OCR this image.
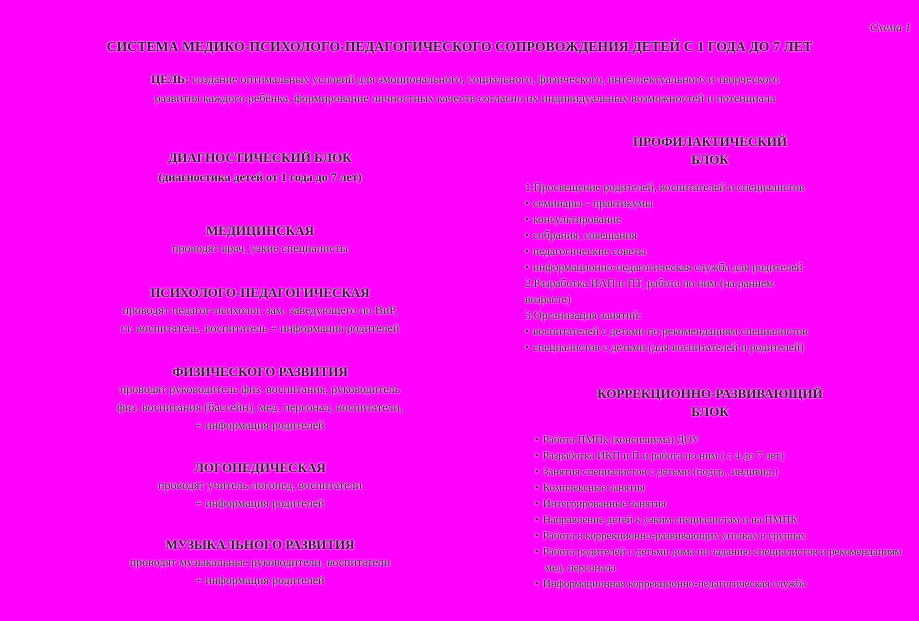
Схема 1
СИСТЕМА МЕДИКО-ПСИХОЛОГО-ПЕДАГОГИЧЕСКОГО СОПРОВОЖДЕНИЯ ДЕТЕЙ С 1 ГОДА ДО 7 ЛЕТ
ЦЕЛЬ: создание оптимальных условий для эмоционального, социального, физического, интеллектуального и творческого
развития каждого ребёнка, формирование личностных качеств согласно их индивидуальных возможностей и потенциала

ДИАГНОСТИЧЕСКИЙ БЛОК

(диагностика детей от 1 года до 7 лет)

МЕДИЦИНСКАЯ

проводят врач, узкие специалисты

ПСИХОЛОГО-ПЕДАГОГИЧЕСКАЯ

проводят педагог-психолог, зам. заведующего по ВиР,

ст. воспитатель, воспитатель + информация родителей

ФИЗИЧЕСКОГО РАЗВИТИЯ

проводят руководитель физ. воспитания, руководитель

физ. воспитания (бассейн), мед. персонал, воспитатели,

+ информация родителей

ЛОГОПЕДИЧЕСКАЯ

проводят учитель-логопед, воспитатели

+ информация родителей

МУЗЫКАЛЬНОГО РАЗВИТИЯ

проводят музыкальные руководители, воспитатели

+ информация родителей

ПРОФИЛАКТИЧЕСКИЙ
БЛОК
1.Просвещение родителей, воспитателей и специалистов
• семинары – практикумы
• консультирование
• собрания, совещания
• педагогические советы
• информационно-педагогическая служба для родителей
2.Разработка ИАП и ПТ, работа по ним (на раннем
возрасте)
3.Организация занятий:
• воспитателей с детьми по рекомендациям специалистов
• специалистов с детьми (для воспитателей и родителей)
КОРРЕКЦИОННО-РАЗВИВАЮЩИЙ
БЛОК
• Работа ПМПк (консилиума) ДОУ
• Разработка ИКП и П и работа по ним ( с 4 до 7 лет)
• Занятия специалистов с детьми (подгр., индивид.)
• Комплексные занятия
• Интегрированные занятия
• Направление детей к узким специалистам и на ПМПК
• Работа в коррекционно-развивающих уголках в группах
• Работа родителей с детьми дома по заданию специалистов и рекомендациям мед. персонала
• Информационная коррекционно-педагогическая служба
